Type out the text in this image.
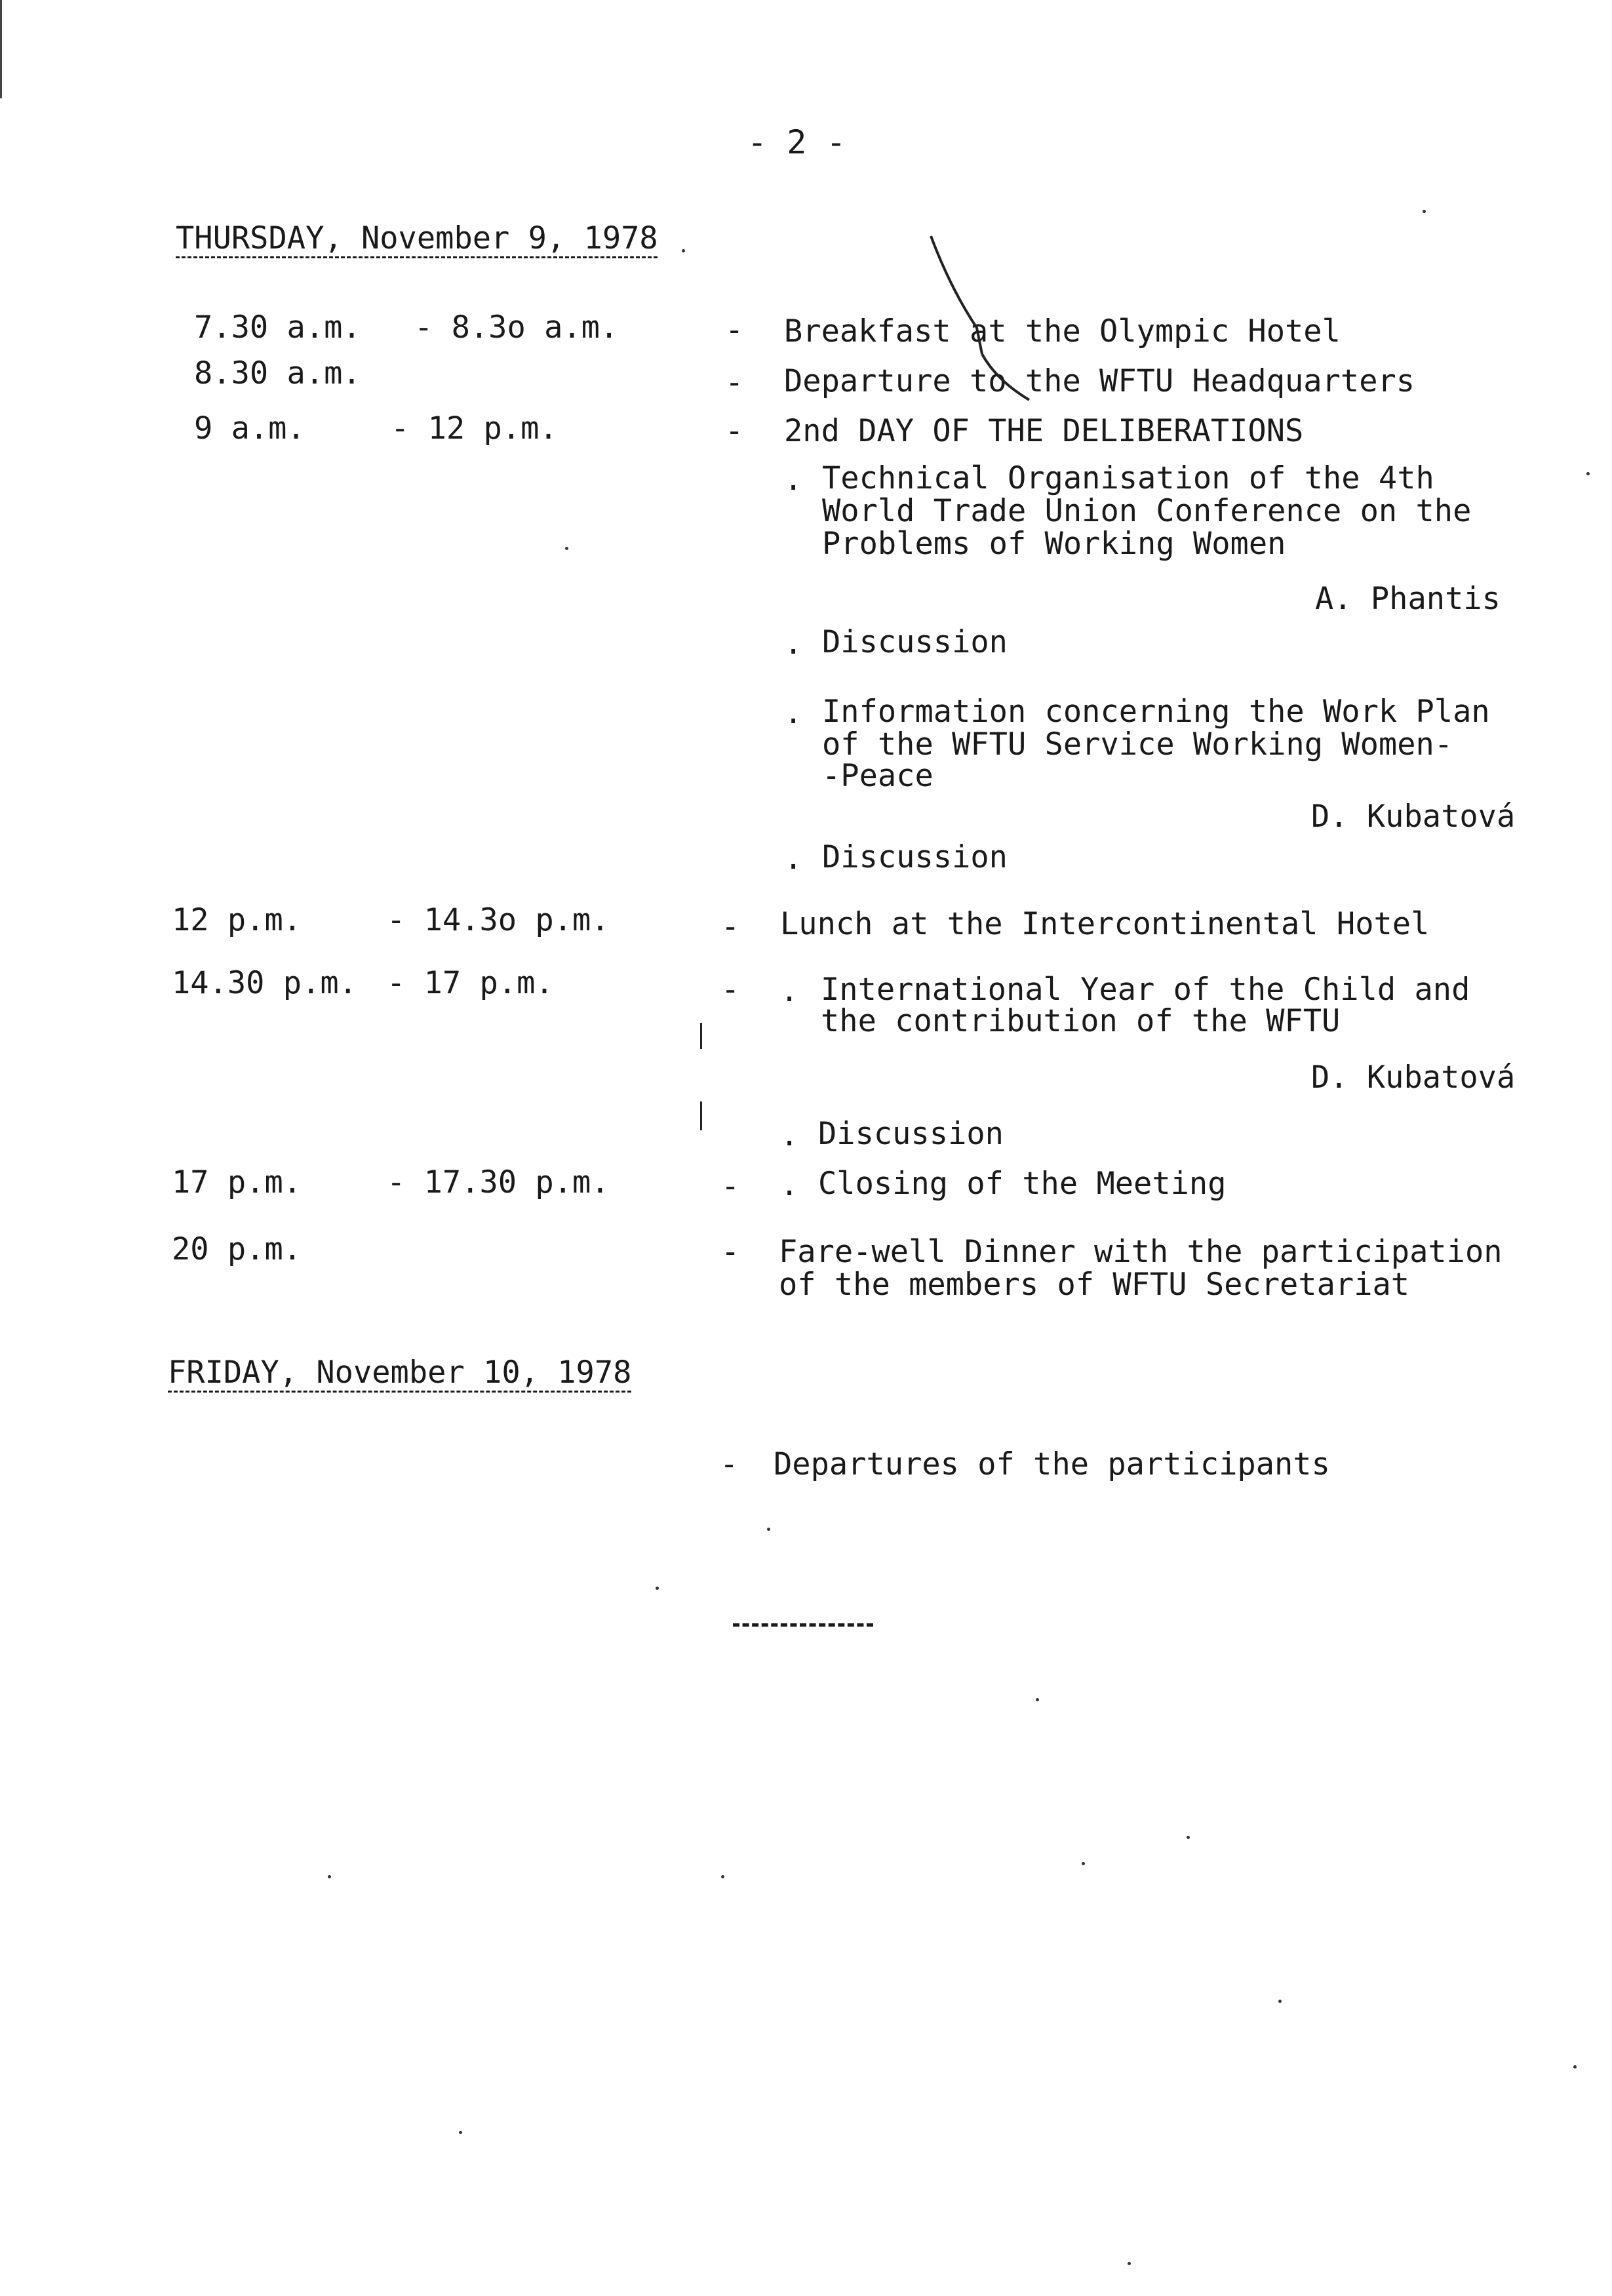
- 2 -
THURSDAY, November 9, 1978
7.30 a.m. - 8.3o a.m.	- Breakfast at the Olympic Hotel
8.30 a.m.	- Departure to the WFTU Headquarters
9 a.m.	- 12 p.m.	- 2nd DAY OF THE DELIBERATIONS
. Technical Organisation of the 4th
World Trade Union Conference on the
Problems of Working Women
A. Phantis
. Discussion
. Information concerning the Work Plan
of the WFTU Service Working Women-
-Peace
D. Kubatová
. Discussion
12 p.m.	- 14.3o p.m.	- Lunch at the Intercontinental Hotel
14.30 p.m. - 17 p.m.	- . International Year of the Child and
the contribution of the WFTU
D. Kubatová
. Discussion
17 p.m.	- 17.30 p.m.	- . Closing of the Meeting
20 p.m.	- Fare-well Dinner with the participation
of the members of WFTU Secretariat
FRIDAY, November 10, 1978
- Departures of the participants
